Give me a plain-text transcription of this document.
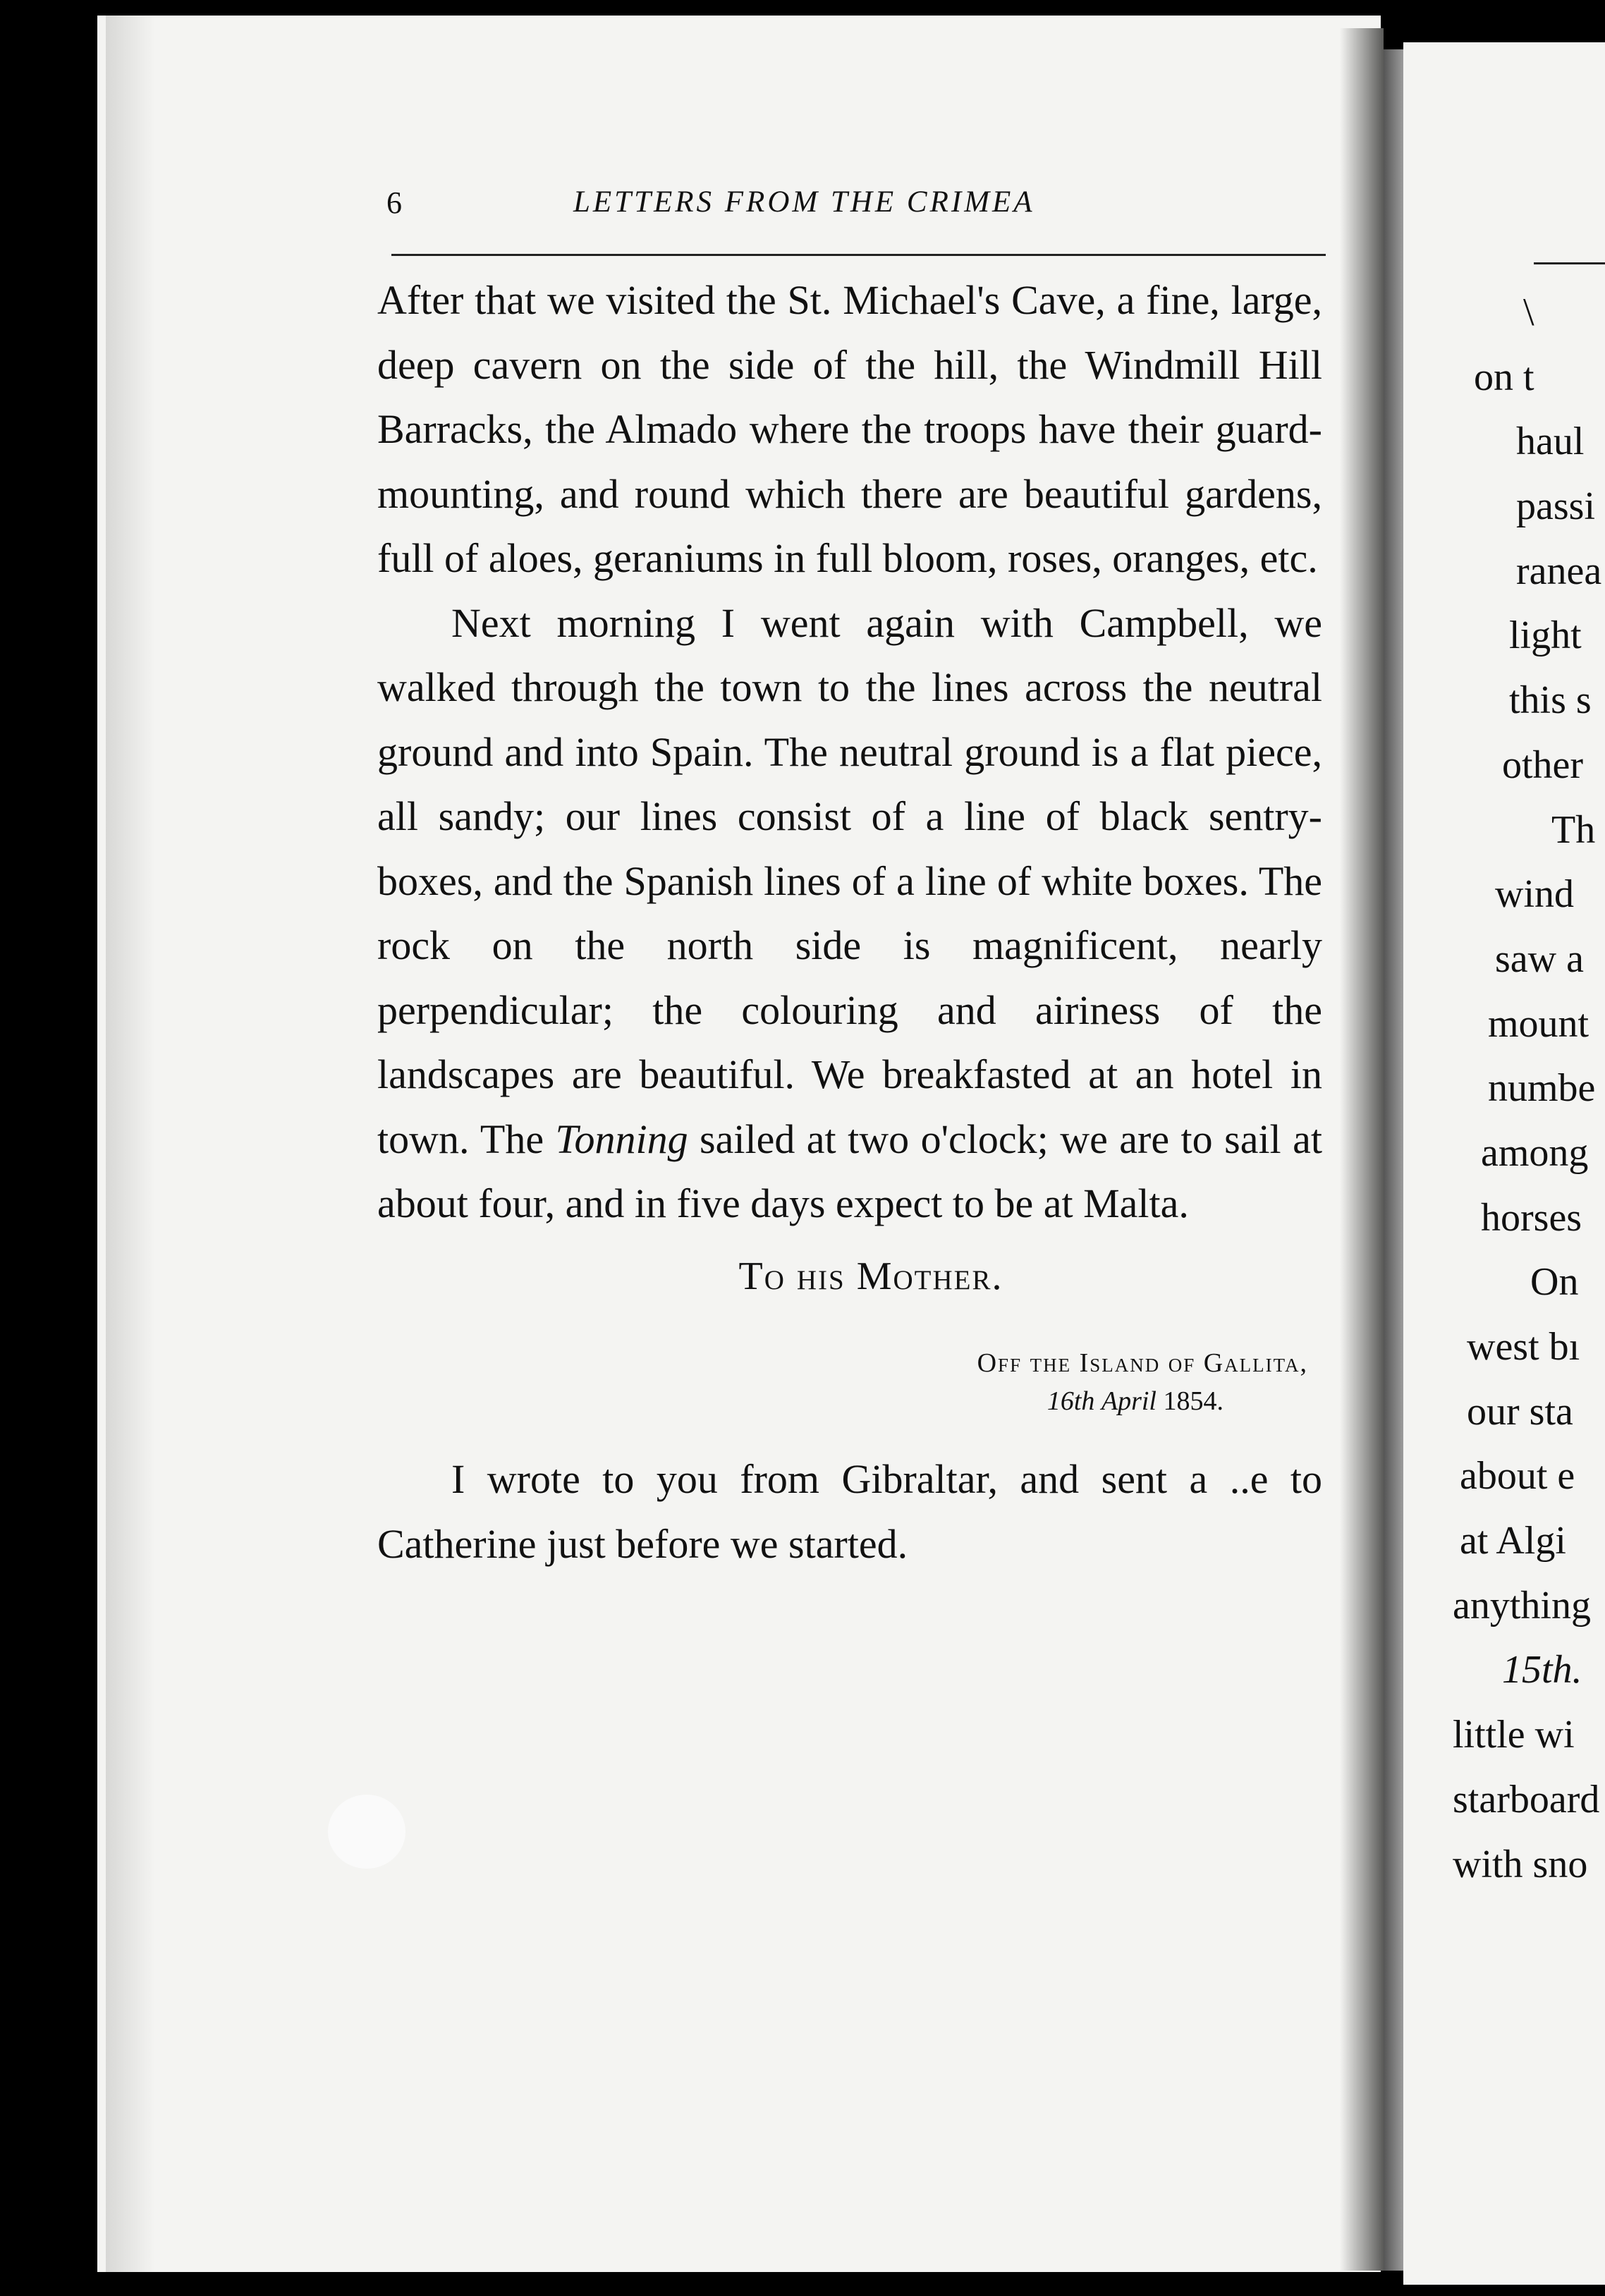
6	LETTERS FROM THE CRIMEA

After that we visited the St. Michael's Cave, a fine, large, deep cavern on the side of the hill, the Windmill Hill Barracks, the Almado where the troops have their guard-mounting, and round which there are beautiful gardens, full of aloes, geraniums in full bloom, roses, oranges, etc.

Next morning I went again with Campbell, we walked through the town to the lines across the neutral ground and into Spain. The neutral ground is a flat piece, all sandy; our lines consist of a line of black sentry-boxes, and the Spanish lines of a line of white boxes. The rock on the north side is magnificent, nearly perpendicular; the colouring and airiness of the landscapes are beautiful. We breakfasted at an hotel in town. The Tonning sailed at two o'clock; we are to sail at about four, and in five days expect to be at Malta.

To his Mother.

Off the Island of Gallita,
16th April 1854.

I wrote to you from Gibraltar, and sent a ..e to Catherine just before we started.

\
on t
haul
passi
ranea
light
this s
other
Th
wind
saw a
mount
numbe
among
horses
On
west bı
our sta
about e
at Algi
anything
15th.
little wi
starboard
with sno
